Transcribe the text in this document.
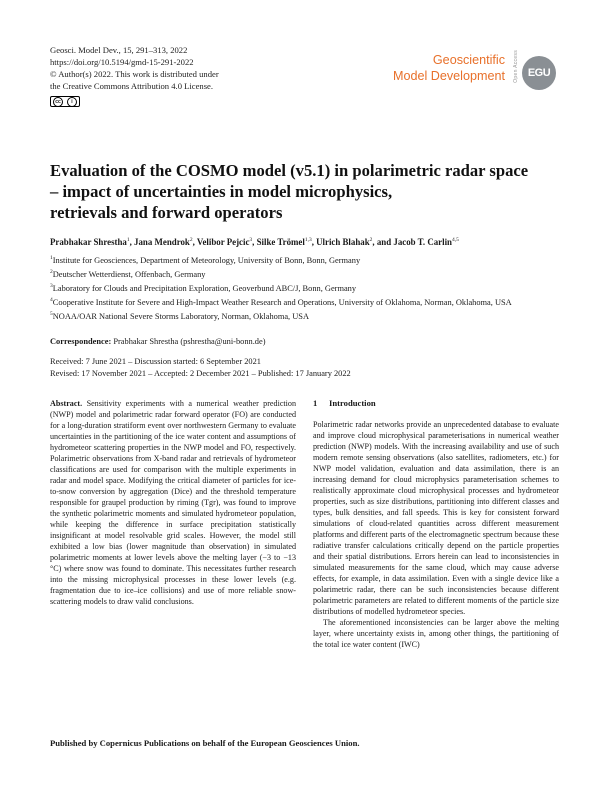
Geosci. Model Dev., 15, 291–313, 2022
https://doi.org/10.5194/gmd-15-291-2022
© Author(s) 2022. This work is distributed under
the Creative Commons Attribution 4.0 License.
cc	i
Geoscientific
Model Development Open Access EGU
Evaluation of the COSMO model (v5.1) in polarimetric radar space
– impact of uncertainties in model microphysics,
retrievals and forward operators
Prabhakar Shrestha$^1$, Jana Mendrok$^2$, Velibor Pejcic$^3$, Silke Trömel$^{1,3}$, Ulrich Blahak$^2$, and Jacob T. Carlin$^{4,5}$
$^1$Institute for Geosciences, Department of Meteorology, University of Bonn, Bonn, Germany
$^2$Deutscher Wetterdienst, Offenbach, Germany
$^3$Laboratory for Clouds and Precipitation Exploration, Geoverbund ABC/J, Bonn, Germany
$^4$Cooperative Institute for Severe and High-Impact Weather Research and Operations, University of Oklahoma, Norman, Oklahoma, USA
$^5$NOAA/OAR National Severe Storms Laboratory, Norman, Oklahoma, USA
Correspondence: Prabhakar Shrestha (pshrestha@uni-bonn.de)
Received: 7 June 2021 – Discussion started: 6 September 2021
Revised: 17 November 2021 – Accepted: 2 December 2021 – Published: 17 January 2022
Abstract. Sensitivity experiments with a numerical weather prediction (NWP) model and polarimetric radar forward operator (FO) are conducted for a long-duration stratiform event over northwestern Germany to evaluate uncertainties in the partitioning of the ice water content and assumptions of hydrometeor scattering properties in the NWP model and FO, respectively. Polarimetric observations from X-band radar and retrievals of hydrometeor classifications are used for comparison with the multiple experiments in radar and model space. Modifying the critical diameter of particles for ice-to-snow conversion by aggregation (Dice) and the threshold temperature responsible for graupel production by riming (Tgr), was found to improve the synthetic polarimetric moments and simulated hydrometeor population, while keeping the difference in surface precipitation statistically insignificant at model resolvable grid scales. However, the model still exhibited a low bias (lower magnitude than observation) in simulated polarimetric moments at lower levels above the melting layer (−3 to −13 °C) where snow was found to dominate. This necessitates further research into the missing microphysical processes in these lower levels (e.g. fragmentation due to ice–ice collisions) and use of more reliable snow-scattering models to draw valid conclusions.
1 Introduction

Polarimetric radar networks provide an unprecedented database to evaluate and improve cloud microphysical parameterisations in numerical weather prediction (NWP) models. With the increasing availability and use of such modern remote sensing observations (also satellites, radiometers, etc.) for NWP model validation, evaluation and data assimilation, there is an increasing demand for cloud microphysics parameterisation schemes to realistically approximate cloud microphysical processes and hydrometeor properties, such as size distributions, partitioning into different classes and types, bulk densities, and fall speeds. This is key for consistent forward simulations of cloud-related quantities across different measurement platforms and different parts of the electromagnetic spectrum because these radiative transfer calculations critically depend on the particle properties and their spatial distributions. Errors herein can lead to inconsistencies in simulated measurements for the same cloud, which may cause adverse effects, for example, in data assimilation. Even with a single device like a polarimetric radar, there can be such inconsistencies because different polarimetric parameters are related to different moments of the particle size distributions of modelled hydrometeor species.

The aforementioned inconsistencies can be larger above the melting layer, where uncertainty exists in, among other things, the partitioning of the total ice water content (IWC)

Published by Copernicus Publications on behalf of the European Geosciences Union.
